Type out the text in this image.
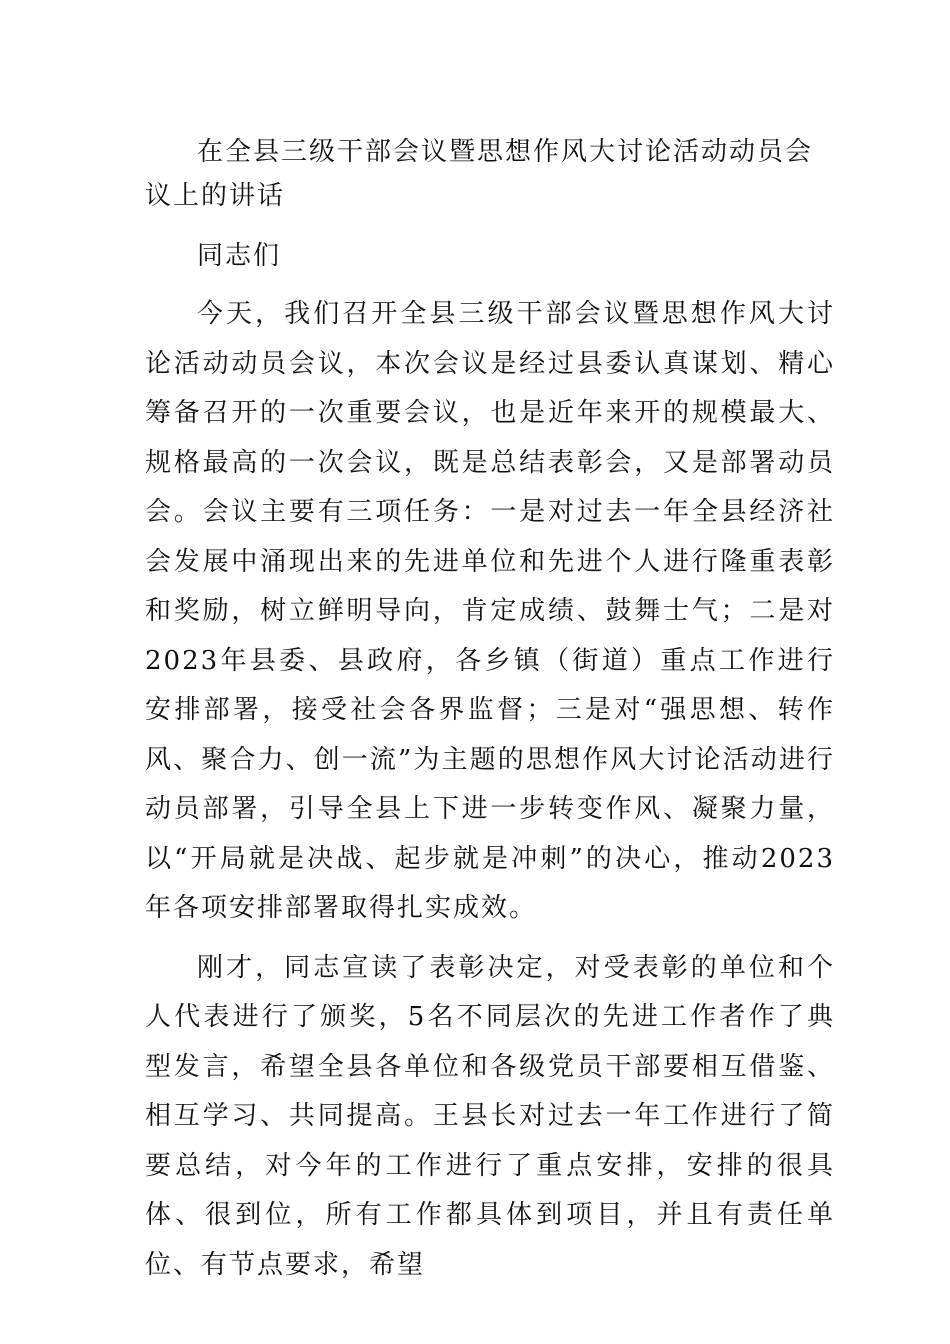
在全县三级干部会议暨思想作风大讨论活动动员会议上的讲话

同志们

今天，我们召开全县三级干部会议暨思想作风大讨论活动动员会议，本次会议是经过县委认真谋划、精心筹备召开的一次重要会议，也是近年来开的规模最大、规格最高的一次会议，既是总结表彰会，又是部署动员会。会议主要有三项任务：一是对过去一年全县经济社会发展中涌现出来的先进单位和先进个人进行隆重表彰和奖励，树立鲜明导向，肯定成绩、鼓舞士气；二是对2023年县委、县政府，各乡镇（街道）重点工作进行安排部署，接受社会各界监督；三是对“强思想、转作风、聚合力、创一流”为主题的思想作风大讨论活动进行动员部署，引导全县上下进一步转变作风、凝聚力量，以“开局就是决战、起步就是冲刺”的决心，推动2023年各项安排部署取得扎实成效。

刚才，同志宣读了表彰决定，对受表彰的单位和个人代表进行了颁奖，5名不同层次的先进工作者作了典型发言，希望全县各单位和各级党员干部要相互借鉴、相互学习、共同提高。王县长对过去一年工作进行了简要总结，对今年的工作进行了重点安排，安排的很具体、很到位，所有工作都具体到项目，并且有责任单位、有节点要求，希望
